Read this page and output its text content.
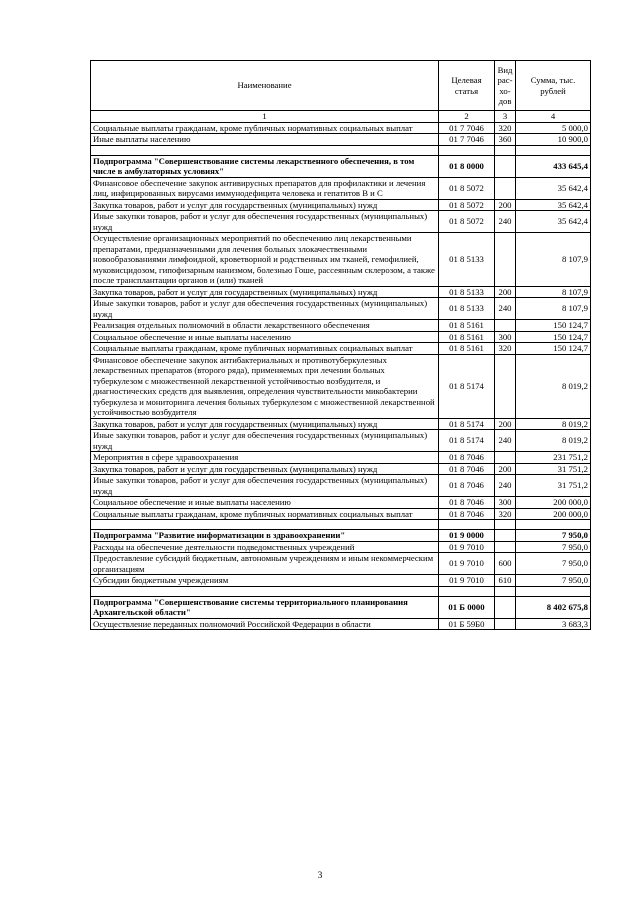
Наименование	Целевая статья	Вид рас-хо-дов	Сумма, тыс. рублей
1	2	3	4
Социальные выплаты гражданам, кроме публичных нормативных социальных выплат	01 7 7046	320	5 000,0
Иные выплаты населению	01 7 7046	360	10 900,0

Подпрограмма "Совершенствование системы лекарственного обеспечения, в том числе в амбулаторных условиях"	01 8 0000		433 645,4
Финансовое обеспечение закупок антивирусных препаратов для профилактики и лечения лиц, инфицированных вирусами иммунодефицита человека и гепатитов В и С	01 8 5072		35 642,4
Закупка товаров, работ и услуг для государственных (муниципальных) нужд	01 8 5072	200	35 642,4
Иные закупки товаров, работ и услуг для обеспечения государственных (муниципальных) нужд	01 8 5072	240	35 642,4
Осуществление организационных мероприятий по обеспечению лиц лекарственными препаратами, предназначенными для лечения больных злокачественными новообразованиями лимфоидной, кроветворной и родственных им тканей, гемофилией, муковисцидозом, гипофизарным нанизмом, болезнью Гоше, рассеянным склерозом, а также после трансплантации органов и (или) тканей	01 8 5133		8 107,9
Закупка товаров, работ и услуг для государственных (муниципальных) нужд	01 8 5133	200	8 107,9
Иные закупки товаров, работ и услуг для обеспечения государственных (муниципальных) нужд	01 8 5133	240	8 107,9
Реализация отдельных полномочий в области лекарственного обеспечения	01 8 5161		150 124,7
Социальное обеспечение и иные выплаты населению	01 8 5161	300	150 124,7
Социальные выплаты гражданам, кроме публичных нормативных социальных выплат	01 8 5161	320	150 124,7
Финансовое обеспечение закупок антибактериальных и противотуберкулезных лекарственных препаратов (второго ряда), применяемых при лечении больных туберкулезом с множественной лекарственной устойчивостью возбудителя, и диагностических средств для выявления, определения чувствительности микобактерии туберкулеза и мониторинга лечения больных туберкулезом с множественной лекарственной устойчивостью возбудителя	01 8 5174		8 019,2
Закупка товаров, работ и услуг для государственных (муниципальных) нужд	01 8 5174	200	8 019,2
Иные закупки товаров, работ и услуг для обеспечения государственных (муниципальных) нужд	01 8 5174	240	8 019,2
Мероприятия в сфере здравоохранения	01 8 7046		231 751,2
Закупка товаров, работ и услуг для государственных (муниципальных) нужд	01 8 7046	200	31 751,2
Иные закупки товаров, работ и услуг для обеспечения государственных (муниципальных) нужд	01 8 7046	240	31 751,2
Социальное обеспечение и иные выплаты населению	01 8 7046	300	200 000,0
Социальные выплаты гражданам, кроме публичных нормативных социальных выплат	01 8 7046	320	200 000,0

Подпрограмма "Развитие информатизации в здравоохранении"	01 9 0000		7 950,0
Расходы на обеспечение деятельности подведомственных учреждений	01 9 7010		7 950,0
Предоставление субсидий бюджетным, автономным учреждениям и иным некоммерческим организациям	01 9 7010	600	7 950,0
Субсидии бюджетным учреждениям	01 9 7010	610	7 950,0

Подпрограмма "Совершенствование системы территориального планирования Архангельской области"	01 Б 0000		8 402 675,8
Осуществление переданных полномочий Российской Федерации в области	01 Б 59Б0		3 683,3
3
